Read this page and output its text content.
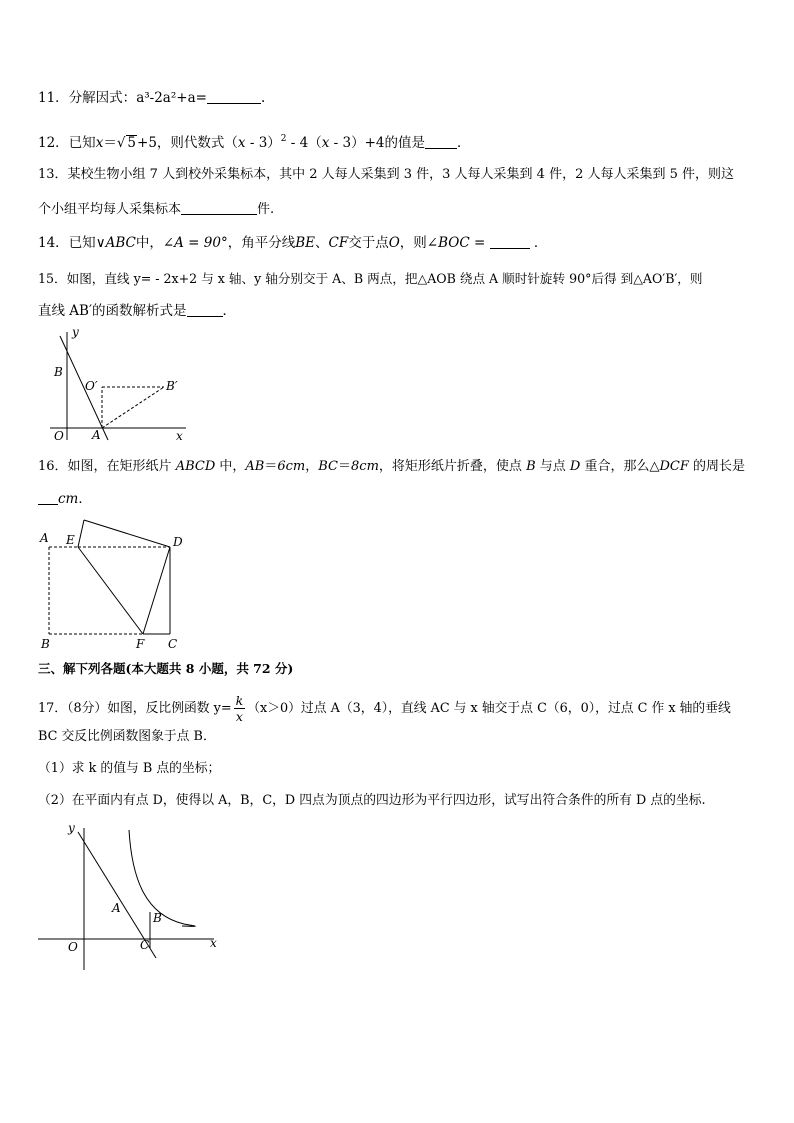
11．分解因式：a³-2a²+a=	.
12．已知x＝√ 5+5，则代数式（x - 3）$^2$ - 4（x - 3）+4的值是 ．
13．某校生物小组 7 人到校外采集标本，其中 2 人每人采集到 3 件，3 人每人采集到 4 件，2 人每人采集到 5 件，则这
个小组平均每人采集标本	件.
14．已知∨ABC中，∠A = 90°，角平分线BE、CF交于点O，则∠BOC =	．
15．如图，直线 y= - 2x+2 与 x 轴、y 轴分别交于 A、B 两点，把△AOB 绕点 A 顺时针旋转 90°后得 到△AO′B′，则
直线 AB′的函数解析式是	．
y
B
O′	B′
O A	x
16．如图，在矩形纸片 ABCD 中，AB＝6cm，BC＝8cm，将矩形纸片折叠，使点 B 与点 D 重合，那么△DCF 的周长是
cm．
A E	D
B	F C
三、解下列各题(本大题共 8 小题，共 72 分)
17．（8分）如图，反比例函数 $y= \frac{k}{x} (x>0)$过点 A（3，4），直线 AC 与 x 轴交于点 C（6，0），过点 C 作 x 轴的垂线
BC 交反比例函数图象于点 B．
（1）求 k 的值与 B 点的坐标；
（2）在平面内有点 D，使得以 A，B，C，D 四点为顶点的四边形为平行四边形，试写出符合条件的所有 D 点的坐标.
y
A
B
O	C	x
